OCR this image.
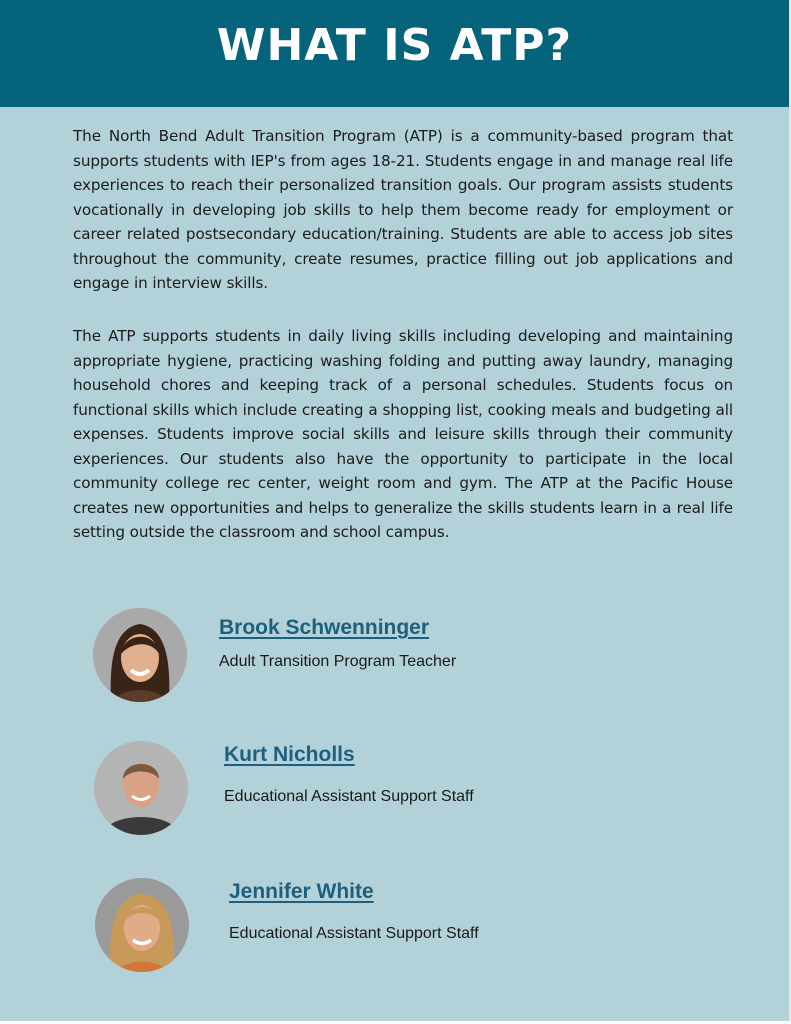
WHAT IS ATP?

The North Bend Adult Transition Program (ATP) is a community-based program that supports students with IEP's from ages 18-21. Students engage in and manage real life experiences to reach their personalized transition goals. Our program assists students vocationally in developing job skills to help them become ready for employment or career related postsecondary education/training. Students are able to access job sites throughout the community, create resumes, practice filling out job applications and engage in interview skills.

The ATP supports students in daily living skills including developing and maintaining appropriate hygiene, practicing washing folding and putting away laundry, managing household chores and keeping track of a personal schedules. Students focus on functional skills which include creating a shopping list, cooking meals and budgeting all expenses. Students improve social skills and leisure skills through their community experiences. Our students also have the opportunity to participate in the local community college rec center, weight room and gym. The ATP at the Pacific House creates new opportunities and helps to generalize the skills students learn in a real life setting outside the classroom and school campus.

Brook Schwenninger
Adult Transition Program Teacher
Kurt Nicholls
Educational Assistant Support Staff
Jennifer White
Educational Assistant Support Staff
